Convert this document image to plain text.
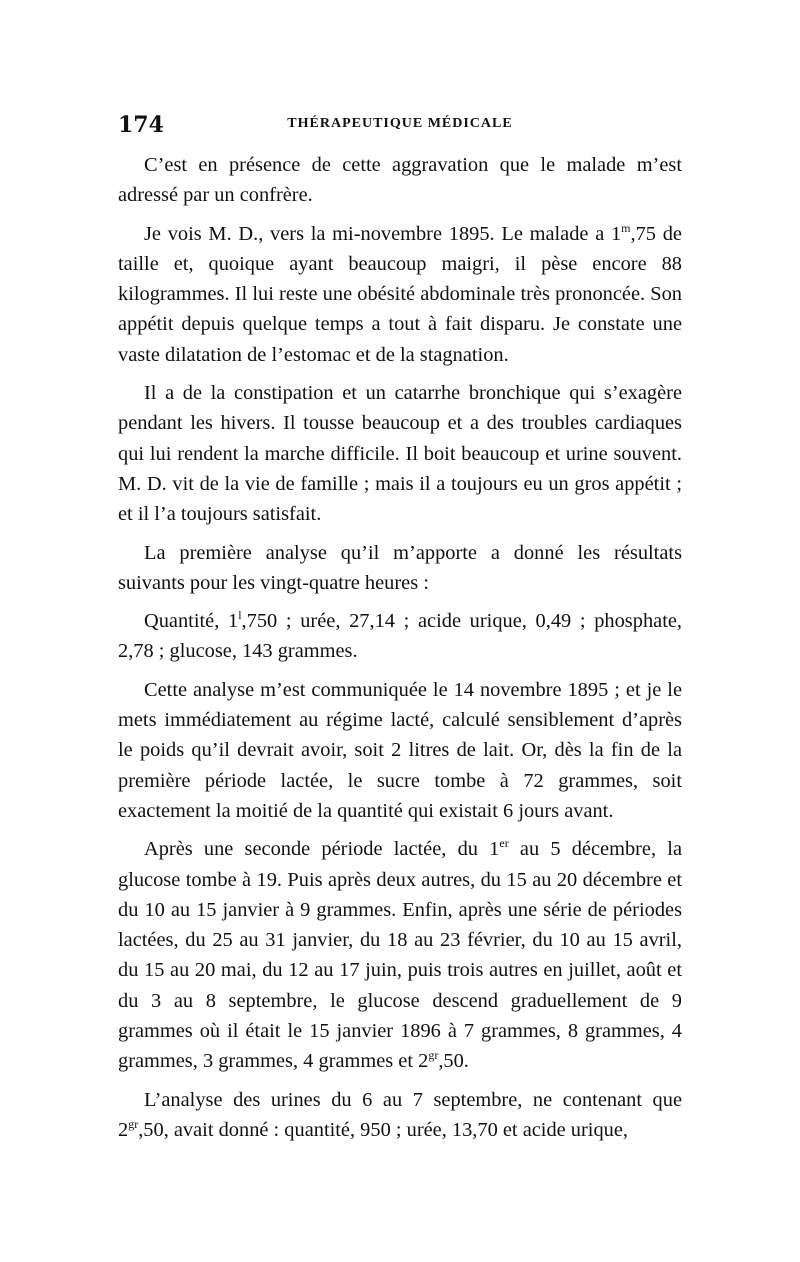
174	THÉRAPEUTIQUE MÉDICALE

C’est en présence de cette aggravation que le malade m’est adressé par un confrère.

Je vois M. D., vers la mi-novembre 1895. Le malade a 1$^m$,75 de taille et, quoique ayant beaucoup maigri, il pèse encore 88 kilogrammes. Il lui reste une obésité abdominale très prononcée. Son appétit depuis quelque temps a tout à fait disparu. Je constate une vaste dilatation de l’estomac et de la stagnation.

Il a de la constipation et un catarrhe bronchique qui s’exagère pendant les hivers. Il tousse beaucoup et a des troubles cardiaques qui lui rendent la marche difficile. Il boit beaucoup et urine souvent. M. D. vit de la vie de famille ; mais il a toujours eu un gros appétit ; et il l’a toujours satisfait.

La première analyse qu’il m’apporte a donné les résultats suivants pour les vingt-quatre heures :

Quantité, 1$^l$,750 ; urée, 27,14 ; acide urique, 0,49 ; phosphate, 2,78 ; glucose, 143 grammes.

Cette analyse m’est communiquée le 14 novembre 1895 ; et je le mets immédiatement au régime lacté, calculé sensiblement d’après le poids qu’il devrait avoir, soit 2 litres de lait. Or, dès la fin de la première période lactée, le sucre tombe à 72 grammes, soit exactement la moitié de la quantité qui existait 6 jours avant.

Après une seconde période lactée, du 1er au 5 décembre, la glucose tombe à 19. Puis après deux autres, du 15 au 20 décembre et du 10 au 15 janvier à 9 grammes. Enfin, après une série de périodes lactées, du 25 au 31 janvier, du 18 au 23 février, du 10 au 15 avril, du 15 au 20 mai, du 12 au 17 juin, puis trois autres en juillet, août et du 3 au 8 septembre, le glucose descend graduellement de 9 grammes où il était le 15 janvier 1896 à 7 grammes, 8 grammes, 4 grammes, 3 grammes, 4 grammes et $2^{gr},50$.

L’analyse des urines du 6 au 7 septembre, ne contenant que $2^{gr},50$, avait donné : quantité, 950 ; urée, 13,70 et acide urique,
